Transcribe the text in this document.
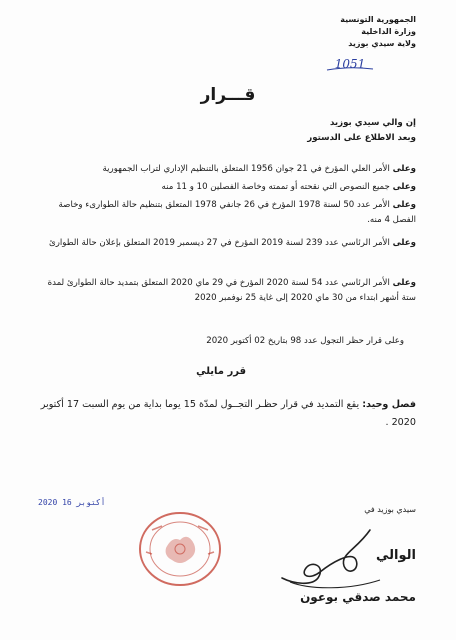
الجمهورية التونسية
وزارة الداخلية
ولاية سيدي بوزيد
1051
قـــرار
إن والي سيدي بوزيد
وبعد الاطلاع على الدستور
وعلى الأمر العلي المؤرخ في 21 جوان 1956 المتعلق بالتنظيم الإداري لتراب الجمهورية
وعلى جميع النصوص التي نقحته أو تممته وخاصة الفصلين 10 و 11 منه
وعلى الأمر عدد 50 لسنة 1978 المؤرخ في 26 جانفي 1978 المتعلق بتنظيم حالة الطوارىء وخاصة الفصل 4 منه.
وعلى الأمر الرئاسي عدد 239 لسنة 2019 المؤرخ في 27 ديسمبر 2019 المتعلق بإعلان حالة الطوارئ
وعلى الأمر الرئاسي عدد 54 لسنة 2020 المؤرخ في 29 ماي 2020 المتعلق بتمديد حالة الطوارئ لمدة ستة أشهر ابتداء من 30 ماي 2020 إلى غاية 25 نوفمبر 2020
وعلى قرار حظر التجول عدد 98 بتاريخ 02 أكتوبر 2020
قرر مايلي
فصل وحيد: يقع التمديد في قرار حظـر التجــول لمدّة 15 يوما بداية من يوم السبت 17 أكتوبر 2020 .
2020 أكتوبر 16
سيدي بوزيد في
الوالي
محمد صدقي بوعون
